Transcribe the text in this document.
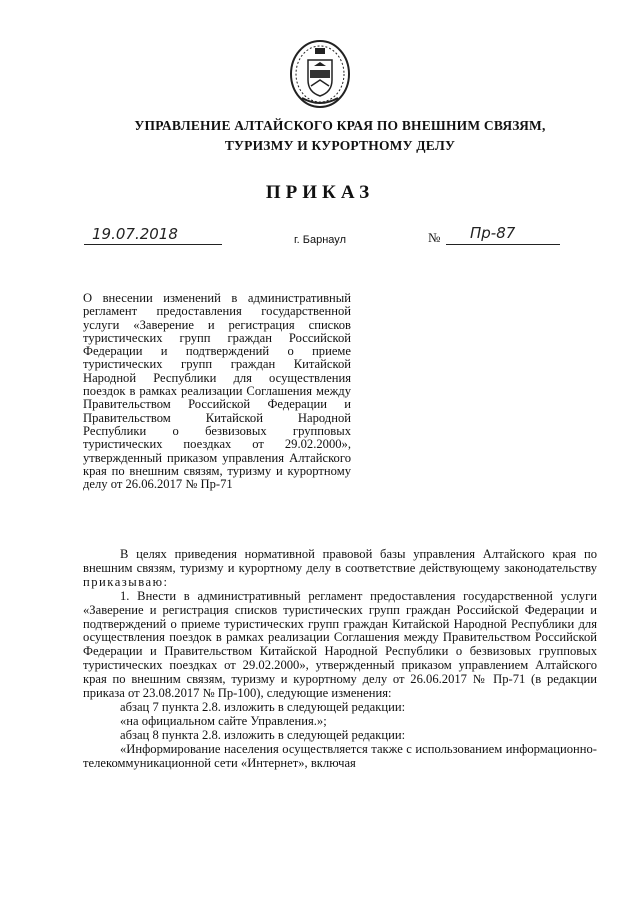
УПРАВЛЕНИЕ АЛТАЙСКОГО КРАЯ ПО ВНЕШНИМ СВЯЗЯМ,
ТУРИЗМУ И КУРОРТНОМУ ДЕЛУ
ПРИКАЗ
19.07.2018	г. Барнаул	№ Пр-87
О внесении изменений в административный регламент предоставления государственной услуги «Заверение и регистрация списков туристических групп граждан Российской Федерации и подтверждений о приеме туристических групп граждан Китайской Народной Республики для осуществления поездок в рамках реализации Соглашения между Правительством Российской Федерации и Правительством Китайской Народной Республики о безвизовых групповых туристических поездках от 29.02.2000», утвержденный приказом управления Алтайского края по внешним связям, туризму и курортному делу от 26.06.2017 № Пр-71

В целях приведения нормативной правовой базы управления Алтайского края по внешним связям, туризму и курортному делу в соответствие действующему законодательству приказываю:

1. Внести в административный регламент предоставления государственной услуги «Заверение и регистрация списков туристических групп граждан Российской Федерации и подтверждений о приеме туристических групп граждан Китайской Народной Республики для осуществления поездок в рамках реализации Соглашения между Правительством Российской Федерации и Правительством Китайской Народной Республики о безвизовых групповых туристических поездках от 29.02.2000», утвержденный приказом управлением Алтайского края по внешним связям, туризму и курортному делу от 26.06.2017 № Пр-71 (в редакции приказа от 23.08.2017 № Пр-100), следующие изменения:

абзац 7 пункта 2.8. изложить в следующей редакции:

«на официальном сайте Управления.»;

абзац 8 пункта 2.8. изложить в следующей редакции:

«Информирование населения осуществляется также с использованием информационно-телекоммуникационной сети «Интернет», включая
